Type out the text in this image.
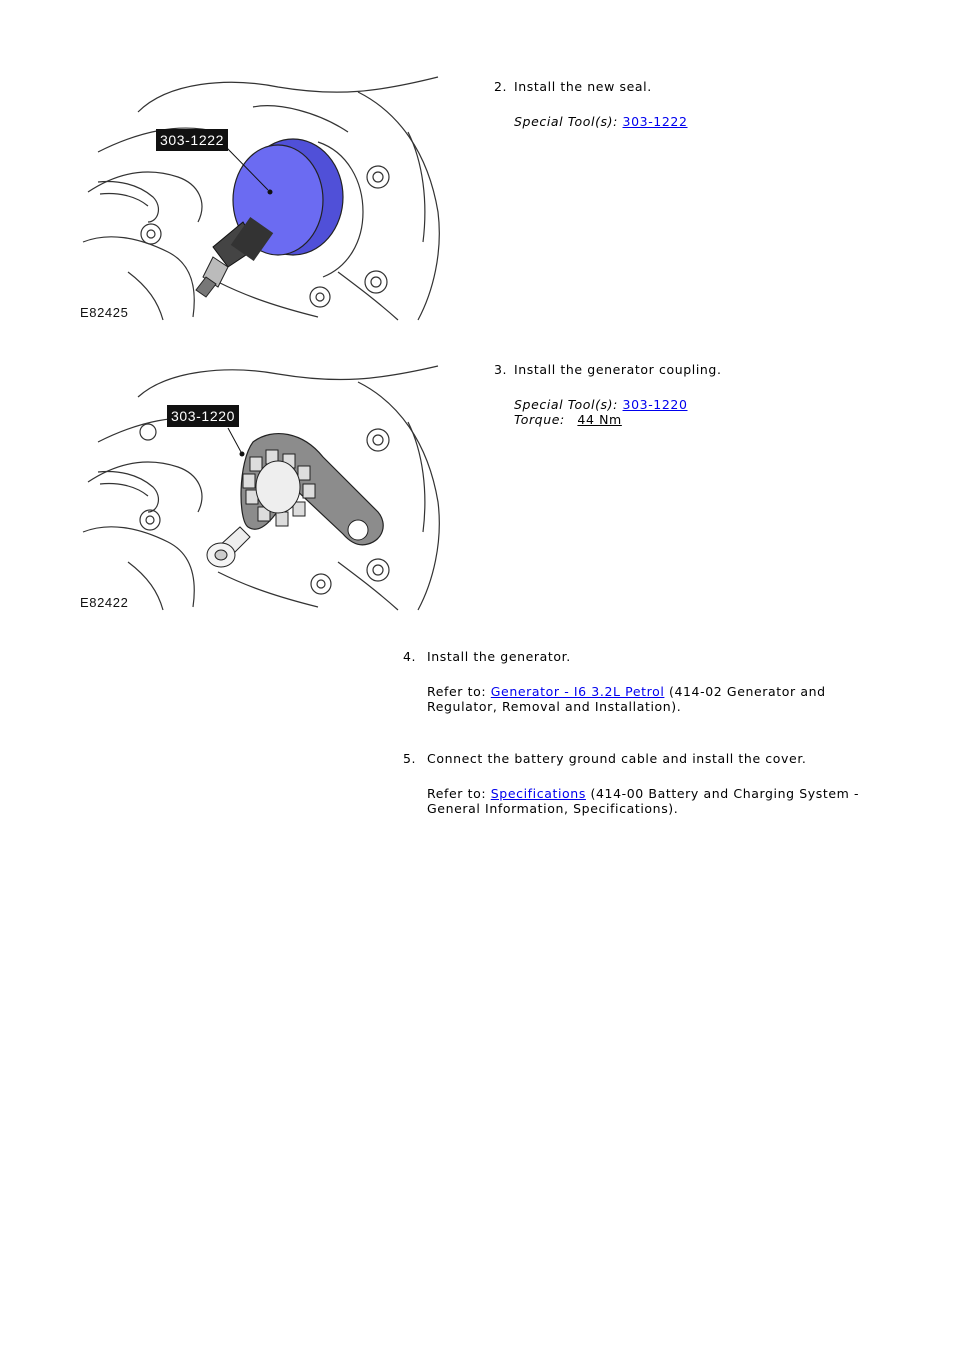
303-1222
E82425
2. Install the new seal.
Special Tool(s): 303-1222
303-1220
E82422
3. Install the generator coupling.
Special Tool(s): 303-1220
Torque: 44 Nm
4. Install the generator.
Refer to: Generator - I6 3.2L Petrol (414-02 Generator and Regulator, Removal and Installation).
5. Connect the battery ground cable and install the cover.
Refer to: Specifications (414-00 Battery and Charging System - General Information, Specifications).
